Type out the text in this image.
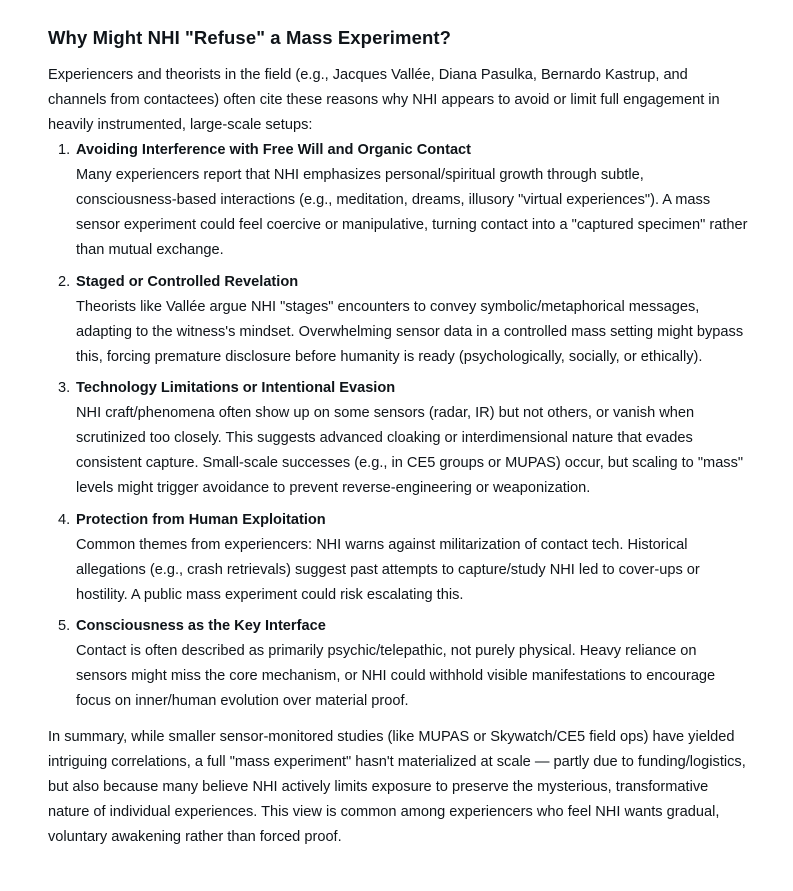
Why Might NHI "Refuse" a Mass Experiment?

Experiencers and theorists in the field (e.g., Jacques Vallée, Diana Pasulka, Bernardo Kastrup, and channels from contactees) often cite these reasons why NHI appears to avoid or limit full engagement in heavily instrumented, large-scale setups:

1. Avoiding Interference with Free Will and Organic Contact
Many experiencers report that NHI emphasizes personal/spiritual growth through subtle, consciousness-based interactions (e.g., meditation, dreams, illusory "virtual experiences"). A mass sensor experiment could feel coercive or manipulative, turning contact into a "captured specimen" rather than mutual exchange.
2. Staged or Controlled Revelation
Theorists like Vallée argue NHI "stages" encounters to convey symbolic/metaphorical messages, adapting to the witness's mindset. Overwhelming sensor data in a controlled mass setting might bypass this, forcing premature disclosure before humanity is ready (psychologically, socially, or ethically).
3. Technology Limitations or Intentional Evasion
NHI craft/phenomena often show up on some sensors (radar, IR) but not others, or vanish when scrutinized too closely. This suggests advanced cloaking or interdimensional nature that evades consistent capture. Small-scale successes (e.g., in CE5 groups or MUPAS) occur, but scaling to "mass" levels might trigger avoidance to prevent reverse-engineering or weaponization.
4. Protection from Human Exploitation
Common themes from experiencers: NHI warns against militarization of contact tech. Historical allegations (e.g., crash retrievals) suggest past attempts to capture/study NHI led to cover-ups or hostility. A public mass experiment could risk escalating this.
5. Consciousness as the Key Interface
Contact is often described as primarily psychic/telepathic, not purely physical. Heavy reliance on sensors might miss the core mechanism, or NHI could withhold visible manifestations to encourage focus on inner/human evolution over material proof.

In summary, while smaller sensor-monitored studies (like MUPAS or Skywatch/CE5 field ops) have yielded intriguing correlations, a full "mass experiment" hasn't materialized at scale — partly due to funding/logistics, but also because many believe NHI actively limits exposure to preserve the mysterious, transformative nature of individual experiences. This view is common among experiencers who feel NHI wants gradual, voluntary awakening rather than forced proof.
